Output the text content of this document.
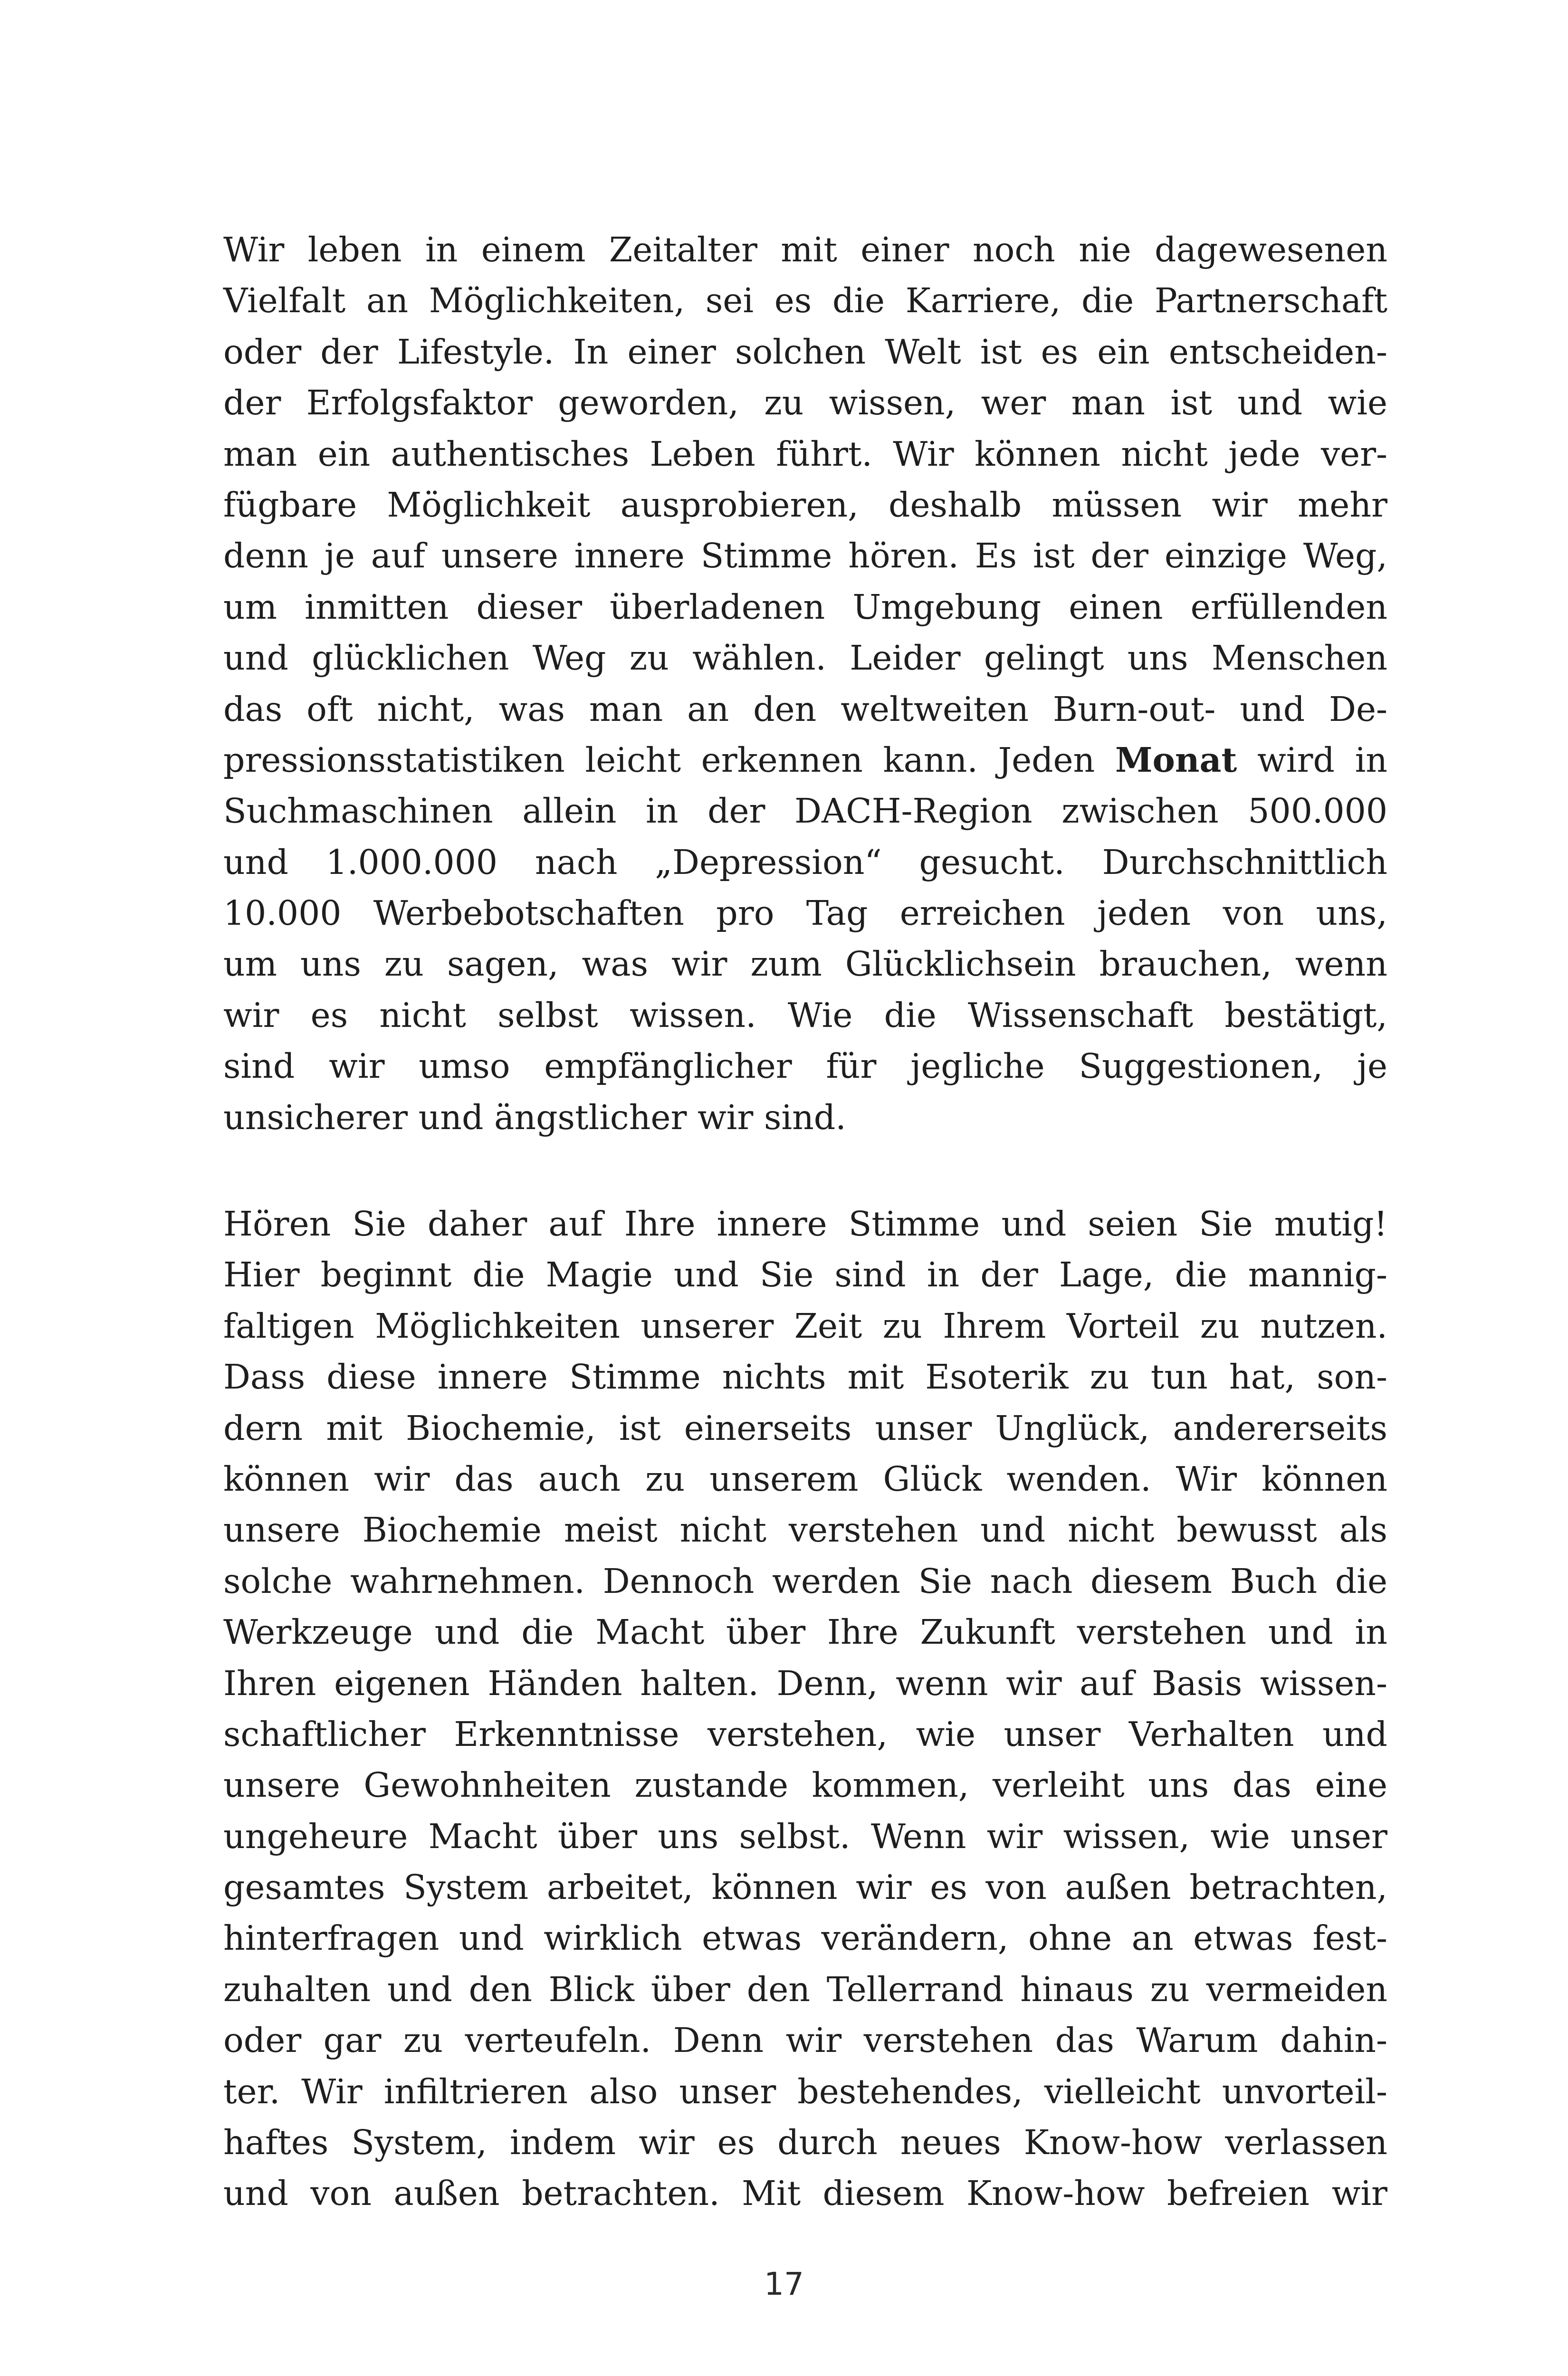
Wir leben in einem Zeitalter mit einer noch nie dagewesenen
Vielfalt an Möglichkeiten, sei es die Karriere, die Partnerschaft
oder der Lifestyle. In einer solchen Welt ist es ein entscheiden-
der Erfolgsfaktor geworden, zu wissen, wer man ist und wie
man ein authentisches Leben führt. Wir können nicht jede ver-
fügbare Möglichkeit ausprobieren, deshalb müssen wir mehr
denn je auf unsere innere Stimme hören. Es ist der einzige Weg,
um inmitten dieser überladenen Umgebung einen erfüllenden
und glücklichen Weg zu wählen. Leider gelingt uns Menschen
das oft nicht, was man an den weltweiten Burn-out- und De-
pressionsstatistiken leicht erkennen kann. Jeden Monat wird in
Suchmaschinen allein in der DACH-Region zwischen 500.000
und 1.000.000 nach „Depression“ gesucht. Durchschnittlich
10.000 Werbebotschaften pro Tag erreichen jeden von uns,
um uns zu sagen, was wir zum Glücklichsein brauchen, wenn
wir es nicht selbst wissen. Wie die Wissenschaft bestätigt,
sind wir umso empfänglicher für jegliche Suggestionen, je
unsicherer und ängstlicher wir sind.
Hören Sie daher auf Ihre innere Stimme und seien Sie mutig!
Hier beginnt die Magie und Sie sind in der Lage, die mannig-
faltigen Möglichkeiten unserer Zeit zu Ihrem Vorteil zu nutzen.
Dass diese innere Stimme nichts mit Esoterik zu tun hat, son-
dern mit Biochemie, ist einerseits unser Unglück, andererseits
können wir das auch zu unserem Glück wenden. Wir können
unsere Biochemie meist nicht verstehen und nicht bewusst als
solche wahrnehmen. Dennoch werden Sie nach diesem Buch die
Werkzeuge und die Macht über Ihre Zukunft verstehen und in
Ihren eigenen Händen halten. Denn, wenn wir auf Basis wissen-
schaftlicher Erkenntnisse verstehen, wie unser Verhalten und
unsere Gewohnheiten zustande kommen, verleiht uns das eine
ungeheure Macht über uns selbst. Wenn wir wissen, wie unser
gesamtes System arbeitet, können wir es von außen betrachten,
hinterfragen und wirklich etwas verändern, ohne an etwas fest-
zuhalten und den Blick über den Tellerrand hinaus zu vermeiden
oder gar zu verteufeln. Denn wir verstehen das Warum dahin-
ter. Wir infiltrieren also unser bestehendes, vielleicht unvorteil-
haftes System, indem wir es durch neues Know-how verlassen
und von außen betrachten. Mit diesem Know-how befreien wir
17
